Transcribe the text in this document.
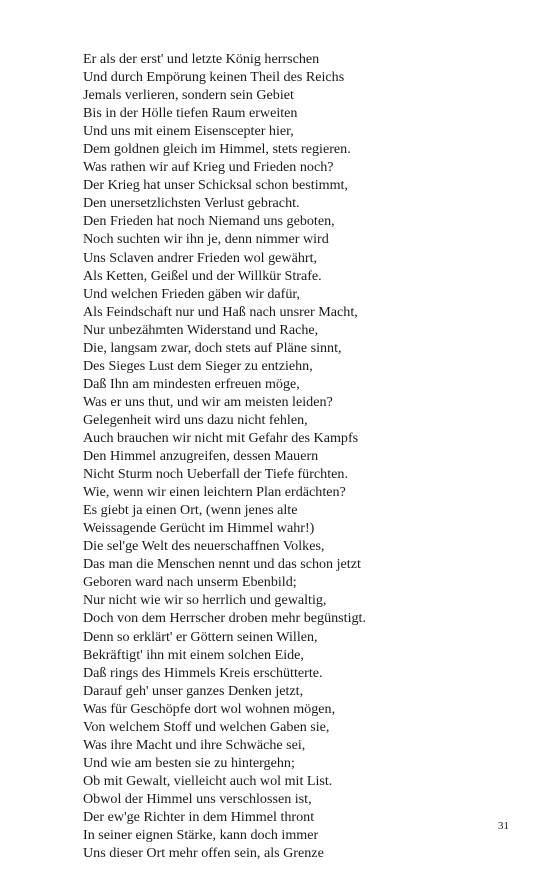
Er als der erst' und letzte König herrschen
Und durch Empörung keinen Theil des Reichs
Jemals verlieren, sondern sein Gebiet
Bis in der Hölle tiefen Raum erweiten
Und uns mit einem Eisenscepter hier,
Dem goldnen gleich im Himmel, stets regieren.
Was rathen wir auf Krieg und Frieden noch?
Der Krieg hat unser Schicksal schon bestimmt,
Den unersetzlichsten Verlust gebracht.
Den Frieden hat noch Niemand uns geboten,
Noch suchten wir ihn je, denn nimmer wird
Uns Sclaven andrer Frieden wol gewährt,
Als Ketten, Geißel und der Willkür Strafe.
Und welchen Frieden gäben wir dafür,
Als Feindschaft nur und Haß nach unsrer Macht,
Nur unbezähmten Widerstand und Rache,
Die, langsam zwar, doch stets auf Pläne sinnt,
Des Sieges Lust dem Sieger zu entziehn,
Daß Ihn am mindesten erfreuen möge,
Was er uns thut, und wir am meisten leiden?
Gelegenheit wird uns dazu nicht fehlen,
Auch brauchen wir nicht mit Gefahr des Kampfs
Den Himmel anzugreifen, dessen Mauern
Nicht Sturm noch Ueberfall der Tiefe fürchten.
Wie, wenn wir einen leichtern Plan erdächten?
Es giebt ja einen Ort, (wenn jenes alte
Weissagende Gerücht im Himmel wahr!)
Die sel'ge Welt des neuerschaffnen Volkes,
Das man die Menschen nennt und das schon jetzt
Geboren ward nach unserm Ebenbild;
Nur nicht wie wir so herrlich und gewaltig,
Doch von dem Herrscher droben mehr begünstigt.
Denn so erklärt' er Göttern seinen Willen,
Bekräftigt' ihn mit einem solchen Eide,
Daß rings des Himmels Kreis erschütterte.
Darauf geh' unser ganzes Denken jetzt,
Was für Geschöpfe dort wol wohnen mögen,
Von welchem Stoff und welchen Gaben sie,
Was ihre Macht und ihre Schwäche sei,
Und wie am besten sie zu hintergehn;
Ob mit Gewalt, vielleicht auch wol mit List.
Obwol der Himmel uns verschlossen ist,
Der ew'ge Richter in dem Himmel thront
In seiner eignen Stärke, kann doch immer
Uns dieser Ort mehr offen sein, als Grenze
31
